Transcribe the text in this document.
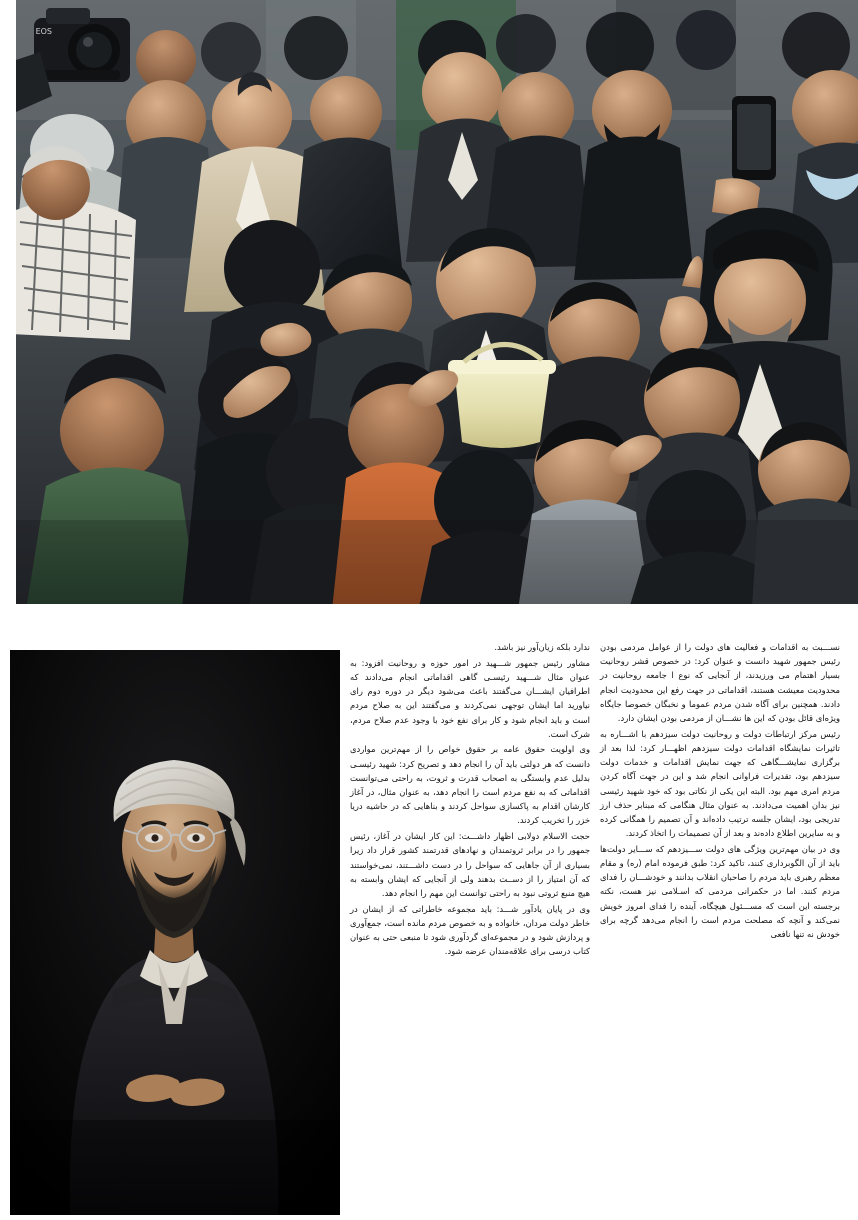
EOS

ندارد بلکه زیان‌آور نیز باشد.

مشاور رئیس جمهور شـــهید در امور حوزه و روحانیت افزود: به عنوان مثال شـــهید رئیسـی گاهی اقداماتی انجام می‌دادند که اطرافیان ایشـــان می‌گفتند باعث می‌شود دیگر در دوره دوم رای نیاورید اما ایشان توجهی نمی‌کردند و می‌گفتند این به صلاح مردم است و باید انجام شود و کار برای نفع خود با وجود عدم صلاح مردم، شرک است.

وی اولویت حقوق عامه بر حقوق خواص را از مهم‌ترین مواردی دانست که هر دولتی باید آن را انجام دهد و تصریح کرد: شهید رئیسـی بدلیل عدم وابستگی به اصحاب قدرت و ثروت، به راحتی می‌توانست اقداماتی که به نفع مردم است را انجام دهد، به عنوان مثال، در آغاز کارشان اقدام به پاکسازی سواحل کردند و بناهایی که در حاشیه دریا خزر را تخریب کردند.

حجت الاسلام دولابی اظهار داشـــت: این کار ایشان در آغاز، رئیس جمهور را در برابر ثروتمندان و نهادهای قدرتمند کشور قرار داد زیرا بسیاری از آن جاهایی که سواحل را در دست داشـــتند، نمی‌خواستند که آن امتیاز را از دســت بدهند ولی از آنجایی که ایشان وابسته به هیچ منبع ثروتی نبود به راحتی توانست این مهم را انجام دهد.

وی در پایان یادآور شـــد: باید مجموعه خاطراتی که از ایشان در خاطر دولت مردان، خانواده و به خصوص مردم مانده است، جمع‌آوری و پردازش شود و در مجموعه‌ای گردآوری شود تا منبعی حتی به عنوان کتاب درسی برای علاقه‌مندان عرضه شود.

نســـبت به اقدامات و فعالیت های دولت را از عوامل مردمی بودن رئیس جمهور شهید دانست و عنوان کرد: در خصوص قشر روحانیت بسیار اهتمام می ورزیدند، از آنجایی که نوع ‌ا جامعه روحانیت در محدودیت معیشت هستند، اقداماتی در جهت رفع این محدودیت انجام دادند. همچنین برای آگاه شدن مردم عموما و نخبگان خصوصا جایگاه ویژه‌ای قائل بودن که این ها نشـــان از مردمی بودن ایشان دارد.

رئیس مرکز ارتباطات دولت و روحانیت دولت سیزدهم با اشـــاره به تاثیرات نمایشگاه اقدامات دولت سیزدهم اظهـــار کرد: لذا بعد از برگزاری نمایشـــگاهی که جهت نمایش اقدامات و خدمات دولت سیزدهم بود، تقدیرات فراوانی انجام شد و این در جهت آگاه کردن مردم امری مهم بود. البته این یکی از نکاتی بود که خود شهید رئیسی نیز بدان اهمیت می‌دادند. به عنوان مثال هنگامی که مبنابر حذف ارز تدریجی بود، ایشان جلسه ترتیب داده‌اند و آن تصمیم را همگانی کرده و به سایرین اطلاع داده‌ند و بعد از آن تصمیمات را اتخاذ کردند.

وی در بیان مهم‌ترین ویژگی های دولت ســـیزدهم که ســـایر دولت‌ها باید از آن الگوبرداری کنند، تاکید کرد: طبق فرموده امام (ره) و مقام معظم رهبری باید مردم را صاحبان انقلاب بدانند و خودشـــان را فدای مردم کنند. اما در حکمرانی مردمی که اسـلامی نیز هست، نکته برجسته این است که مســـئول هیچگاه، آینده را فدای امروز خویش نمی‌کند و آنچه که مصلحت مردم است را انجام می‌دهد گرچه برای خودش نه تنها نافعی
